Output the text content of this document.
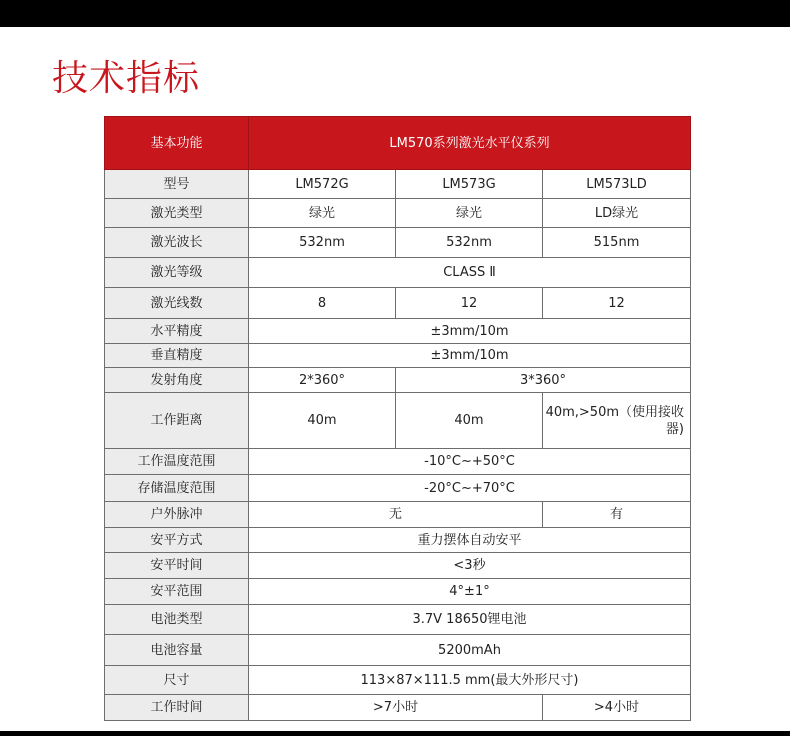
技术指标
基本功能	LM570系列激光水平仪系列		
型号	LM572G	LM573G	LM573LD
激光类型	绿光	绿光	LD绿光
激光波长	532nm	532nm	515nm
激光等级	CLASS Ⅱ		
激光线数	8	12	12
水平精度	±3mm/10m		
垂直精度	±3mm/10m		
发射角度	2*360°	3*360°	
工作距离	40m	40m	40m,>50m（使用接收器)
工作温度范围	-10°C~+50°C		
存储温度范围	-20°C~+70°C		
户外脉冲	无		有
安平方式	重力摆体自动安平		
安平时间	<3秒		
安平范围	4°±1°		
电池类型	3.7V 18650锂电池		
电池容量	5200mAh		
尺寸	113×87×111.5 mm(最大外形尺寸)		
工作时间	>7小时		>4小时
